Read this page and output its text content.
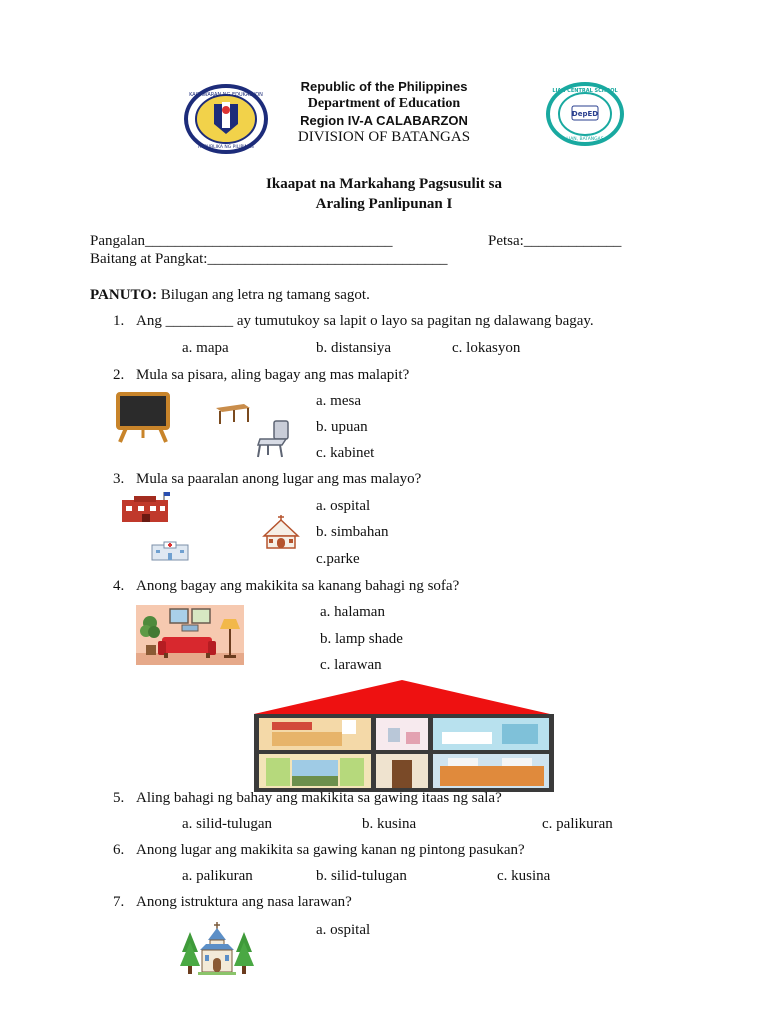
KAGAWARAN NG EDUKASYON
REPUBLIKA NG PILIPINAS
DepED
LIAN CENTRAL SCHOOL
LIAN, BATANGAS
Republic of the Philippines
Department of Education
Region IV-A CALABARZON
DIVISION OF BATANGAS
Ikaapat na Markahang Pagsusulit sa
Araling Panlipunan I
Pangalan_________________________________	Petsa:_____________
Baitang at Pangkat:________________________________
PANUTO: Bilugan ang letra ng tamang sagot.
1. Ang _________ ay tumutukoy sa lapit o layo sa pagitan ng dalawang bagay.
a. mapa	b. distansiya	c. lokasyon
2. Mula sa pisara, aling bagay ang mas malapit?
a. mesa
b. upuan
c. kabinet
3. Mula sa paaralan anong lugar ang mas malayo?
a. ospital
b. simbahan
c.parke
4. Anong bagay ang makikita sa kanang bahagi ng sofa?
a. halaman
b. lamp shade
c. larawan
5. Aling bahagi ng bahay ang makikita sa gawing itaas ng sala?
a. silid-tulugan	b. kusina	c. palikuran
6. Anong lugar ang makikita sa gawing kanan ng pintong pasukan?
a. palikuran	b. silid-tulugan	c. kusina
7. Anong istruktura ang nasa larawan?
a. ospital
